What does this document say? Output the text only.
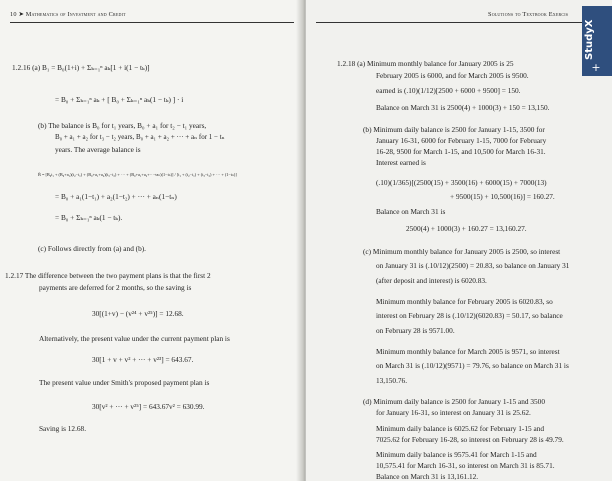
10 ➤ Mathematics of Investment and Credit
1.2.16 (a) B₁ = B₀(1+i) + Σₖ₌₁ⁿ aₖ[1 + i(1 − tₖ)]
= B₀ + Σₖ₌₁ⁿ aₖ + [ B₀ + Σₖ₌₁ⁿ aₖ(1 − tₖ) ] · i
(b) The balance is B₀ for t₁ years, B₀ + a₁ for t₂ − t₁ years,
B₀ + a₁ + a₂ for t₃ − t₂ years, B₀ + a₁ + a₂ + ··· + aₙ for 1 − tₙ
years. The average balance is
B̄ = [B₀t₁ + (B₀+a₁)(t₂−t₁) + (B₀+a₁+a₂)(t₃−t₂) + ··· + (B₀+a₁+a₂+···+aₙ)(1−tₙ)] / [t₁ + (t₂−t₁) + (t₃−t₂) + ··· + (1−tₙ)]
= B₀ + a₁(1−t₁) + a₂(1−t₂) + ··· + aₙ(1−tₙ)
= B₀ + Σₖ₌₁ⁿ aₖ(1 − tₖ).
(c) Follows directly from (a) and (b).
1.2.17 The difference between the two payment plans is that the first 2
payments are deferred for 2 months, so the saving is
30[(1+v) − (v²⁴ + v²⁵)] = 12.68.
Alternatively, the present value under the current payment plan is
30[1 + v + v² + ··· + v²³] = 643.67.
The present value under Smith's proposed payment plan is
30[v² + ··· + v²⁵] = 643.67v² = 630.99.
Saving is 12.68.
Solutions to Textbook Exercis
1.2.18 (a) Minimum monthly balance for January 2005 is 25
February 2005 is 6000, and for March 2005 is 9500.
earned is (.10)(1/12)[2500 + 6000 + 9500] = 150.
Balance on March 31 is 2500(4) + 1000(3) + 150 = 13,150.
(b) Minimum daily balance is 2500 for January 1-15, 3500 for
January 16-31, 6000 for February 1-15, 7000 for February
16-28, 9500 for March 1-15, and 10,500 for March 16-31.
Interest earned is
(.10)(1/365)[(2500(15) + 3500(16) + 6000(15) + 7000(13)
+ 9500(15) + 10,500(16)] = 160.27.
Balance on March 31 is
2500(4) + 1000(3) + 160.27 = 13,160.27.
(c) Minimum monthly balance for January 2005 is 2500, so interest
on January 31 is (.10/12)(2500) = 20.83, so balance on January 31
(after deposit and interest) is 6020.83.
Minimum monthly balance for February 2005 is 6020.83, so
interest on February 28 is (.10/12)(6020.83) = 50.17, so balance
on February 28 is 9571.00.
Minimum monthly balance for March 2005 is 9571, so interest
on March 31 is (.10/12)(9571) = 79.76, so balance on March 31 is
13,150.76.
(d) Minimum daily balance is 2500 for January 1-15 and 3500
for January 16-31, so interest on January 31 is 25.62.
Minimum daily balance is 6025.62 for February 1-15 and
7025.62 for February 16-28, so interest on February 28 is 49.79.
Minimum daily balance is 9575.41 for March 1-15 and
10,575.41 for March 16-31, so interest on March 31 is 85.71.
Balance on March 31 is 13,161.12.
StudyX
+
